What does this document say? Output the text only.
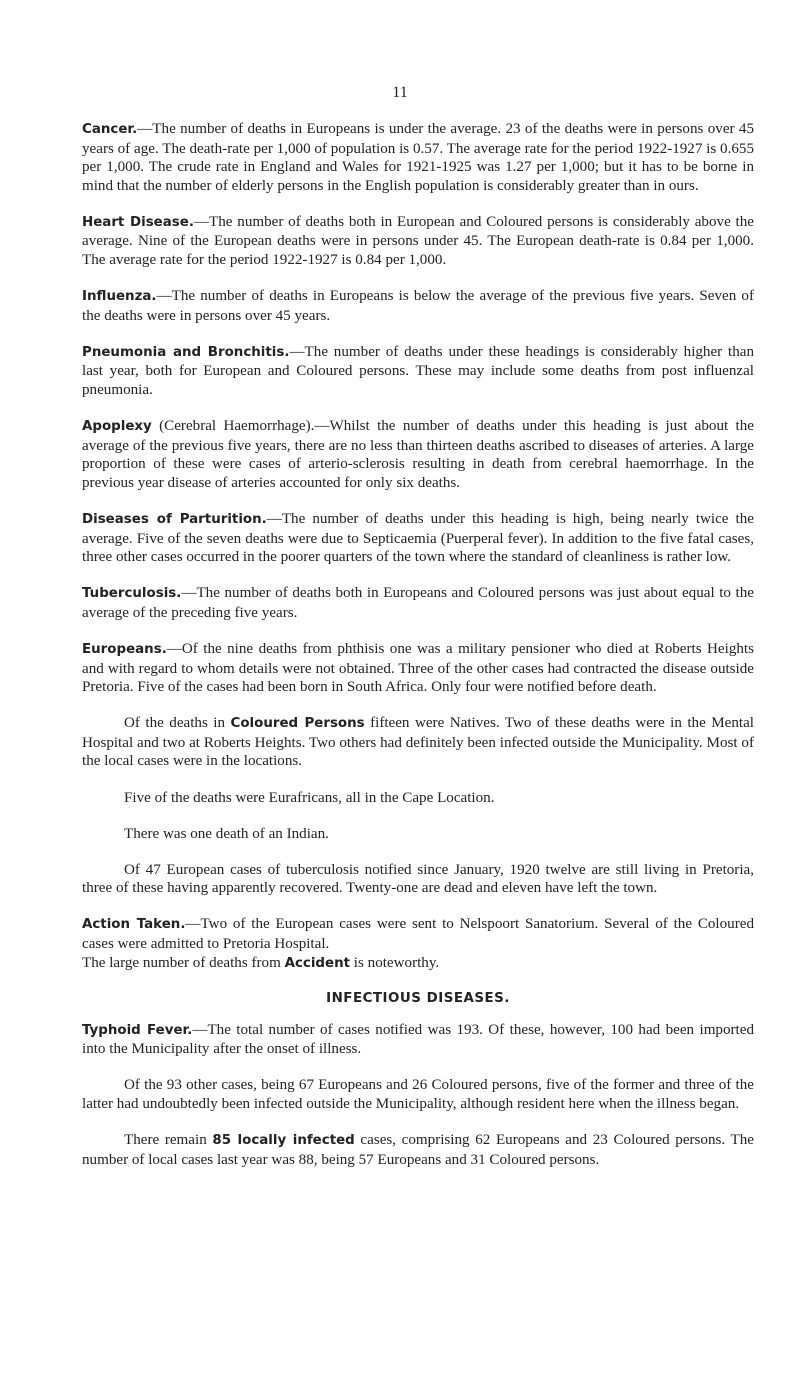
11

Cancer.—The number of deaths in Europeans is under the average. 23 of the deaths were in persons over 45 years of age. The death-rate per 1,000 of population is 0.57. The average rate for the period 1922-1927 is 0.655 per 1,000. The crude rate in England and Wales for 1921-1925 was 1.27 per 1,000; but it has to be borne in mind that the number of elderly persons in the English population is considerably greater than in ours.

Heart Disease.—The number of deaths both in European and Coloured persons is considerably above the average. Nine of the European deaths were in persons under 45. The European death-rate is 0.84 per 1,000. The average rate for the period 1922-1927 is 0.84 per 1,000.

Influenza.—The number of deaths in Europeans is below the average of the previous five years. Seven of the deaths were in persons over 45 years.

Pneumonia and Bronchitis.—The number of deaths under these headings is considerably higher than last year, both for European and Coloured persons. These may include some deaths from post influenzal pneumonia.

Apoplexy (Cerebral Haemorrhage).—Whilst the number of deaths under this heading is just about the average of the previous five years, there are no less than thirteen deaths ascribed to diseases of arteries. A large proportion of these were cases of arterio-sclerosis resulting in death from cerebral haemorrhage. In the previous year disease of arteries accounted for only six deaths.

Diseases of Parturition.—The number of deaths under this heading is high, being nearly twice the average. Five of the seven deaths were due to Septicaemia (Puerperal fever). In addition to the five fatal cases, three other cases occurred in the poorer quarters of the town where the standard of cleanliness is rather low.

Tuberculosis.—The number of deaths both in Europeans and Coloured persons was just about equal to the average of the preceding five years.

Europeans.—Of the nine deaths from phthisis one was a military pensioner who died at Roberts Heights and with regard to whom details were not obtained. Three of the other cases had contracted the disease outside Pretoria. Five of the cases had been born in South Africa. Only four were notified before death.

Of the deaths in Coloured Persons fifteen were Natives. Two of these deaths were in the Mental Hospital and two at Roberts Heights. Two others had definitely been infected outside the Municipality. Most of the local cases were in the locations.

Five of the deaths were Eurafricans, all in the Cape Location.

There was one death of an Indian.

Of 47 European cases of tuberculosis notified since January, 1920 twelve are still living in Pretoria, three of these having apparently recovered. Twenty-one are dead and eleven have left the town.

Action Taken.—Two of the European cases were sent to Nelspoort Sanatorium. Several of the Coloured cases were admitted to Pretoria Hospital.
The large number of deaths from Accident is noteworthy.

INFECTIOUS DISEASES.

Typhoid Fever.—The total number of cases notified was 193. Of these, however, 100 had been imported into the Municipality after the onset of illness.

Of the 93 other cases, being 67 Europeans and 26 Coloured persons, five of the former and three of the latter had undoubtedly been infected outside the Municipality, although resident here when the illness began.

There remain 85 locally infected cases, comprising 62 Europeans and 23 Coloured persons. The number of local cases last year was 88, being 57 Europeans and 31 Coloured persons.
